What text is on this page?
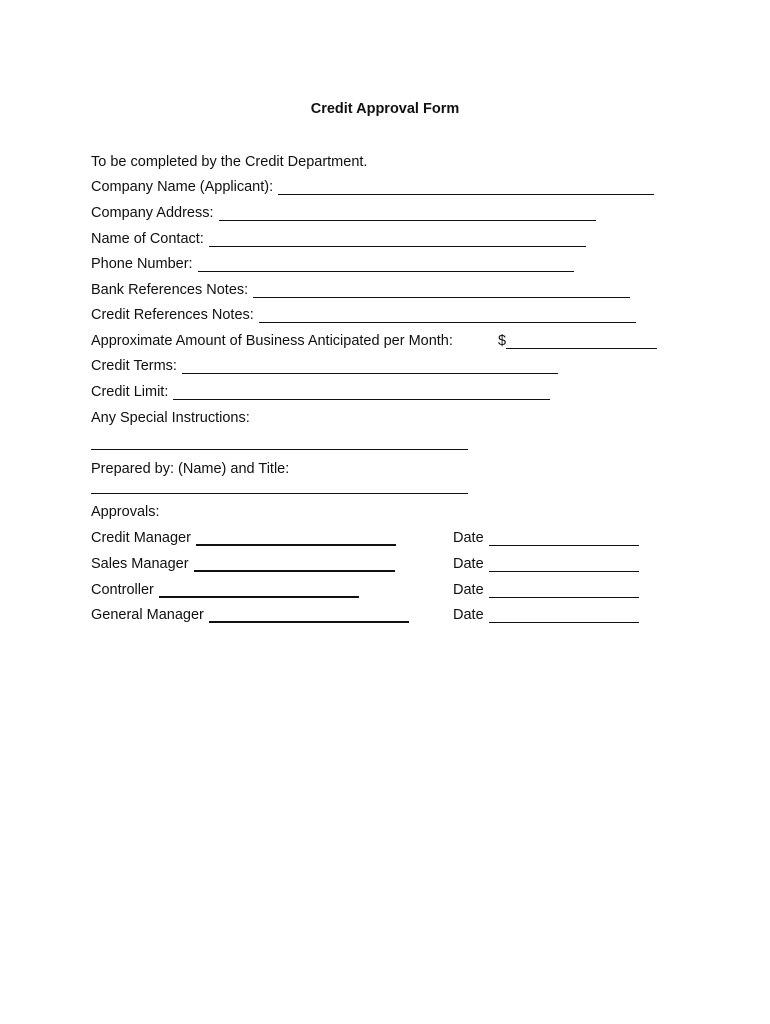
Credit Approval Form
To be completed by the Credit Department.
Company Name (Applicant):
Company Address:
Name of Contact:
Phone Number:
Bank References Notes:
Credit References Notes:
Approximate Amount of Business Anticipated per Month:	$
Credit Terms:
Credit Limit:
Any Special Instructions:
Prepared by: (Name) and Title:
Approvals:
Credit Manager	Date
Sales Manager	Date
Controller	Date
General Manager	Date
